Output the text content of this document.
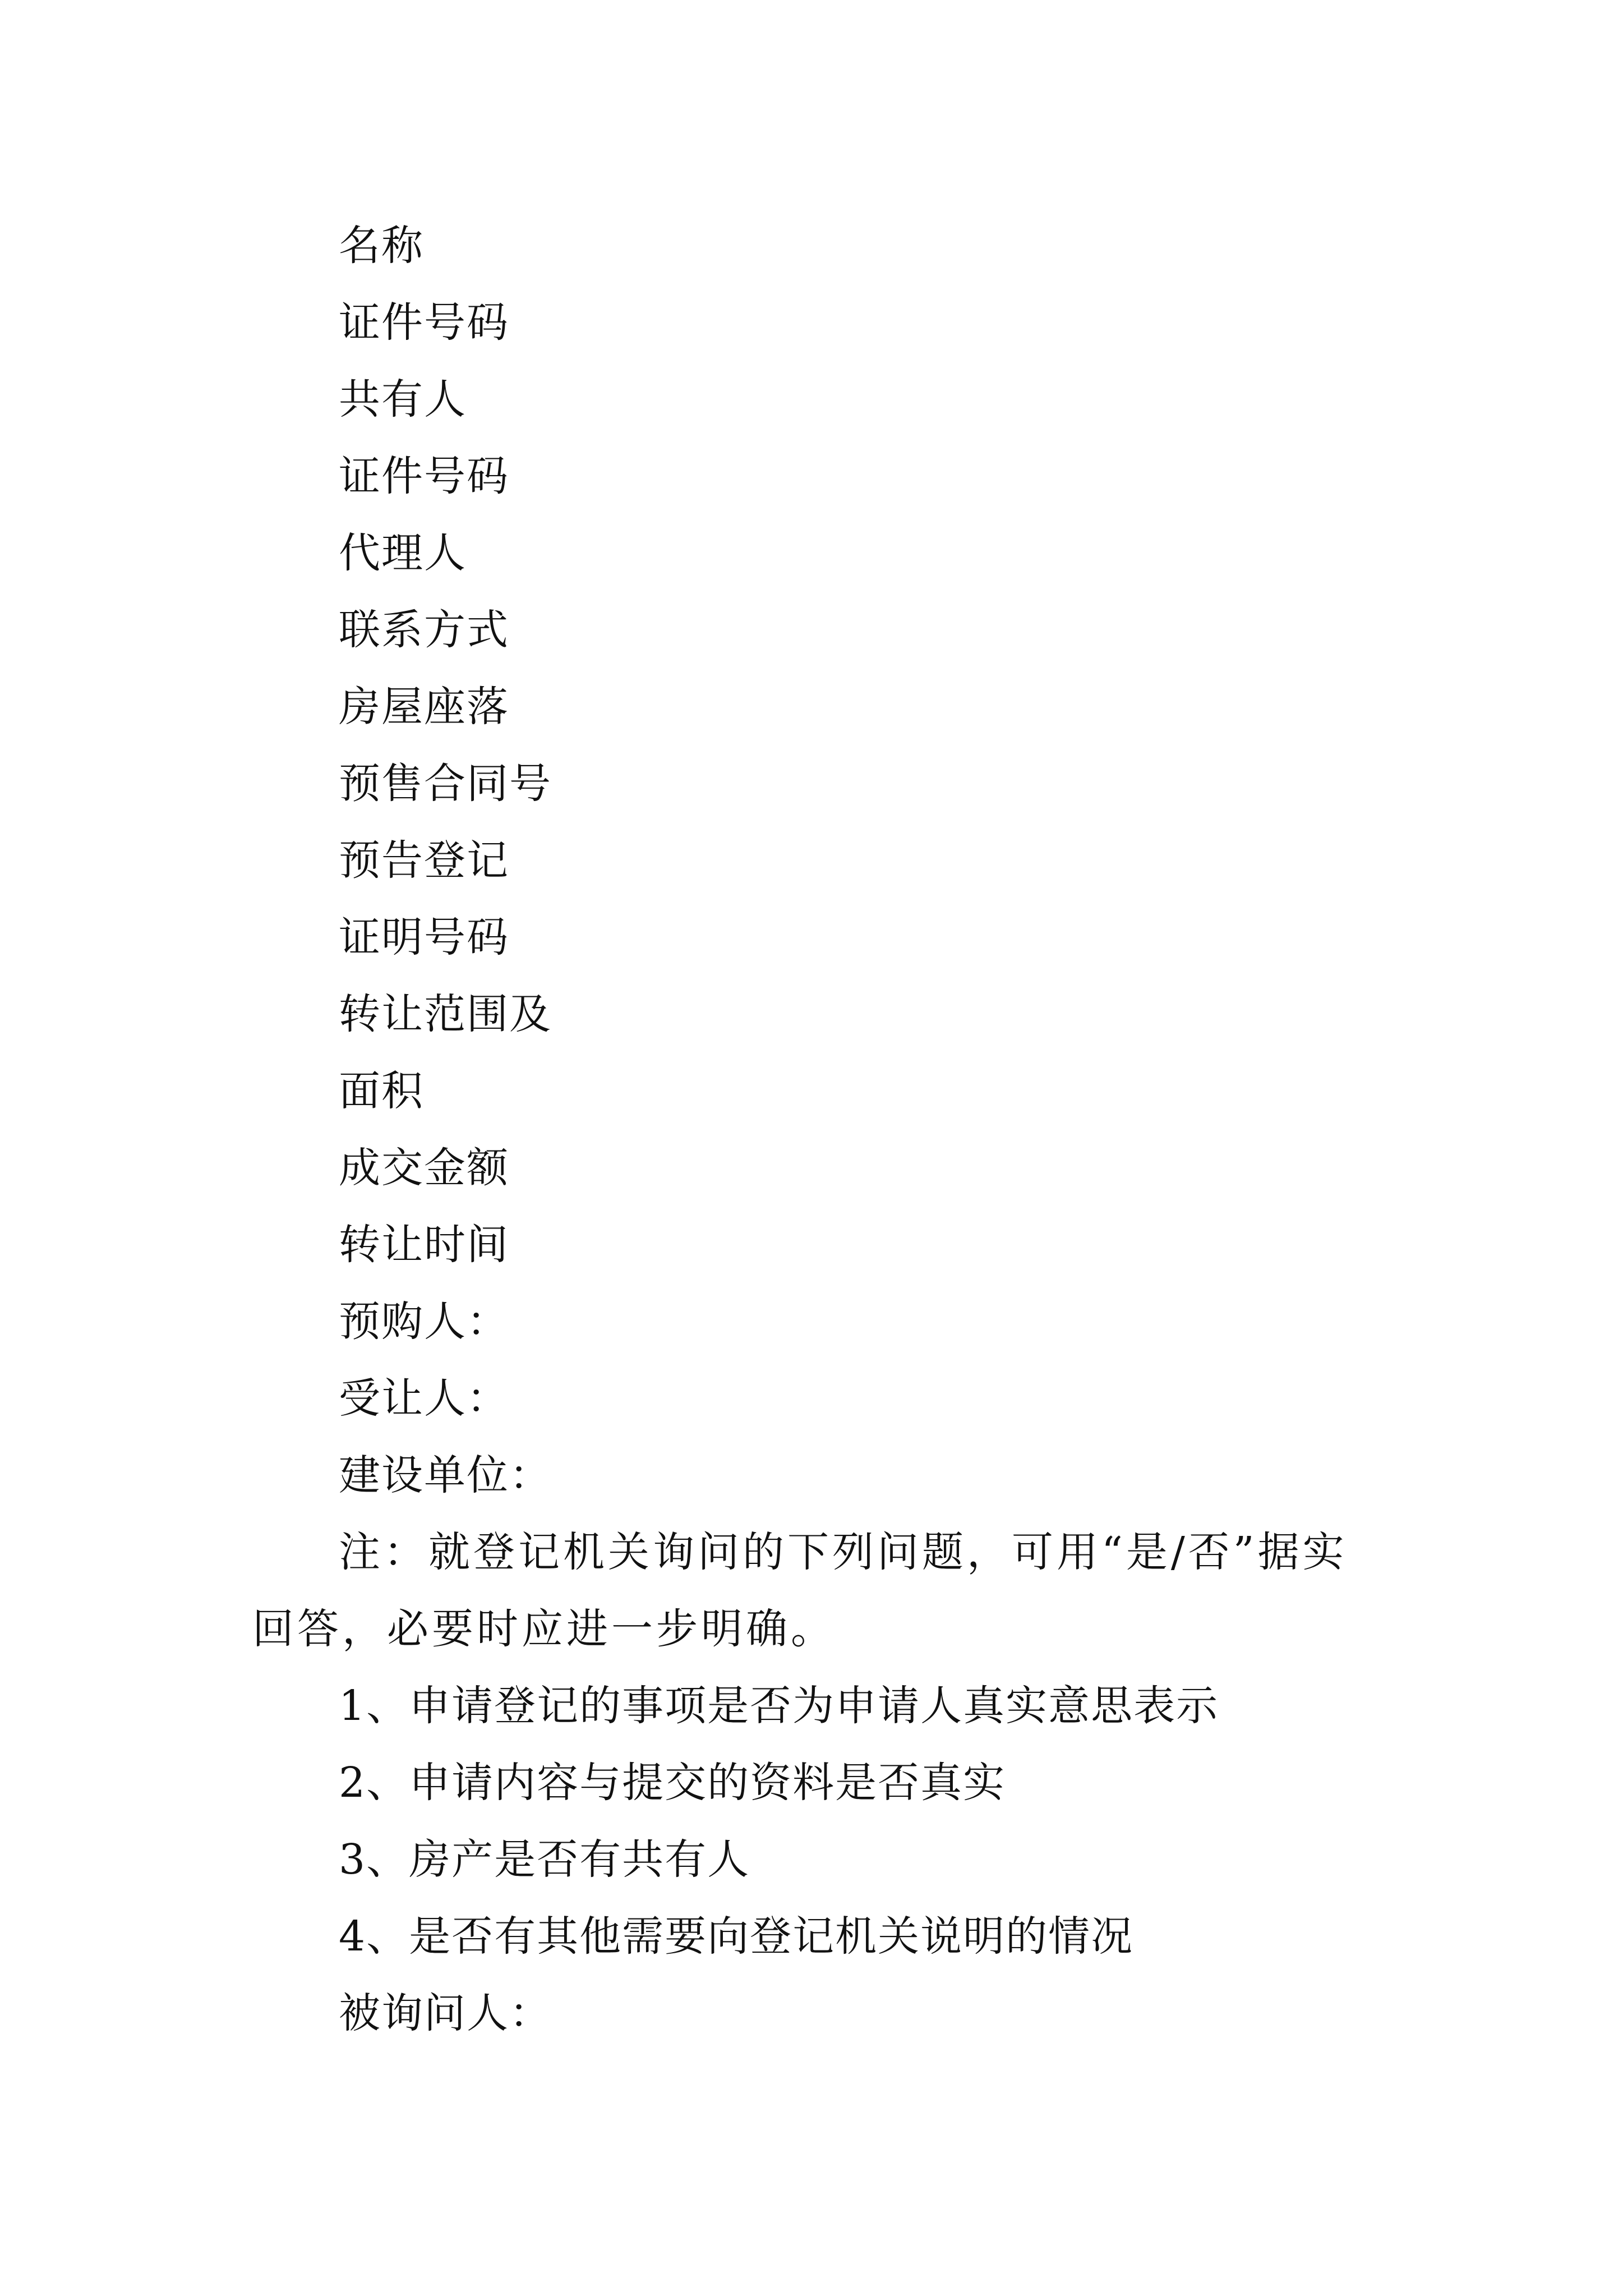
名称
证件号码
共有人
证件号码
代理人
联系方式
房屋座落
预售合同号
预告登记
证明号码
转让范围及
面积
成交金额
转让时间
预购人：
受让人：
建设单位：
注：就登记机关询问的下列问题，可用“是/否”据实回答，必要时应进一步明确。
1、申请登记的事项是否为申请人真实意思表示
2、申请内容与提交的资料是否真实
3、房产是否有共有人
4、是否有其他需要向登记机关说明的情况
被询问人：
